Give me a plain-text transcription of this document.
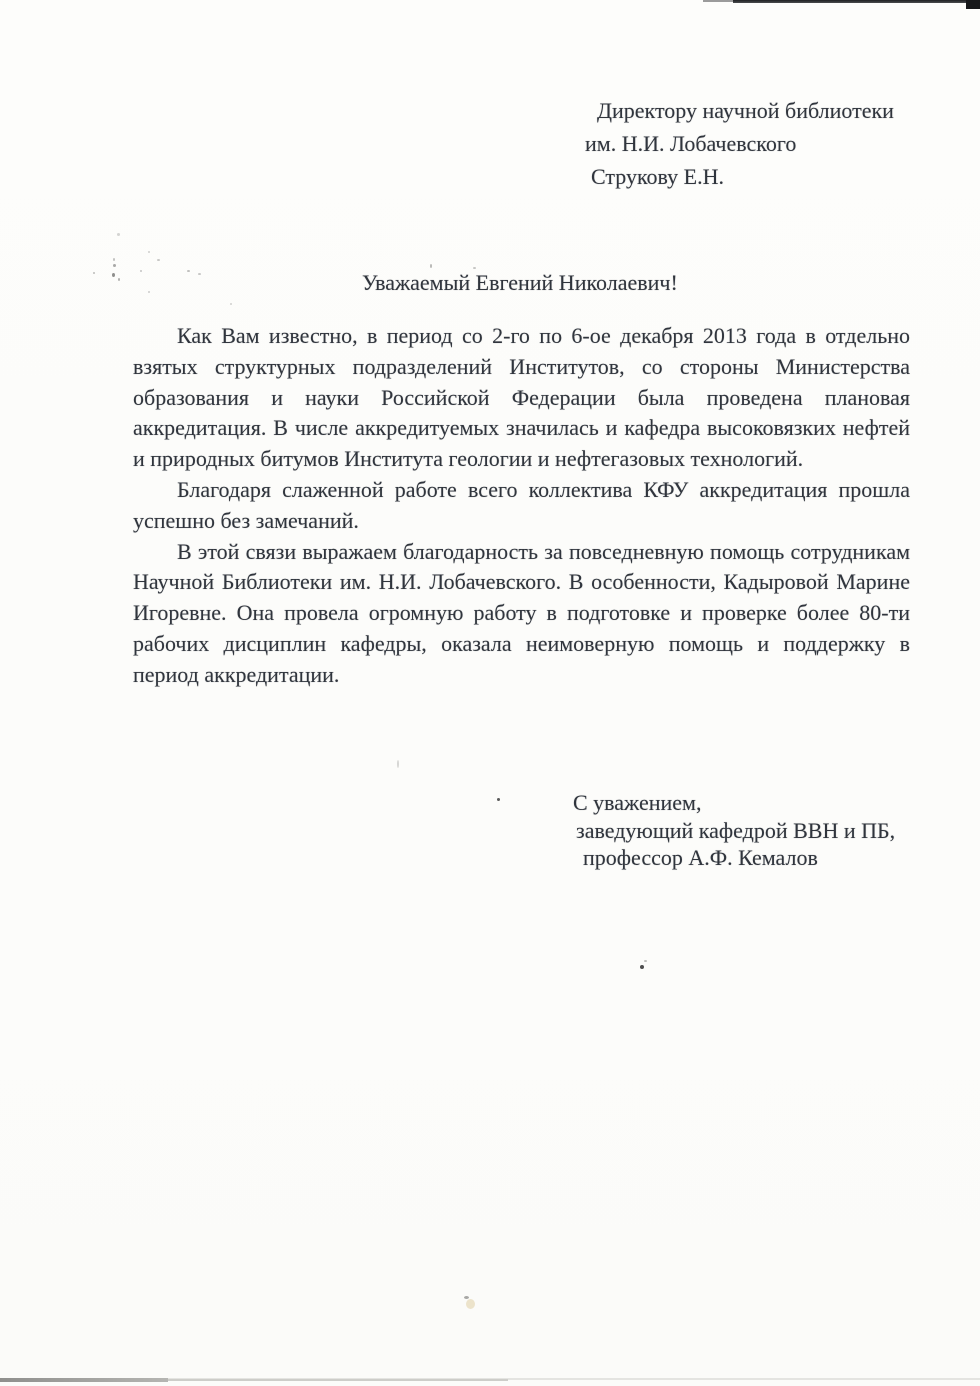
Директору научной библиотеки
им. Н.И. Лобачевского
Струкову Е.Н.
Уважаемый Евгений Николаевич!

Как Вам известно, в период со 2-го по 6-ое декабря 2013 года в отдельно взятых структурных подразделений Институтов, со стороны Министерства образования и науки Российской Федерации была проведена плановая аккредитация. В числе аккредитуемых значилась и кафедра высоковязких нефтей и природных битумов Института геологии и нефтегазовых технологий.

Благодаря слаженной работе всего коллектива КФУ аккредитация прошла успешно без замечаний.

В этой связи выражаем благодарность за повседневную помощь сотрудникам Научной Библиотеки им. Н.И. Лобачевского. В особенности, Кадыровой Марине Игоревне. Она провела огромную работу в подготовке и проверке более 80-ти рабочих дисциплин кафедры, оказала неимоверную помощь и поддержку в период аккредитации.

С уважением,
заведующий кафедрой ВВН и ПБ,
профессор А.Ф. Кемалов
